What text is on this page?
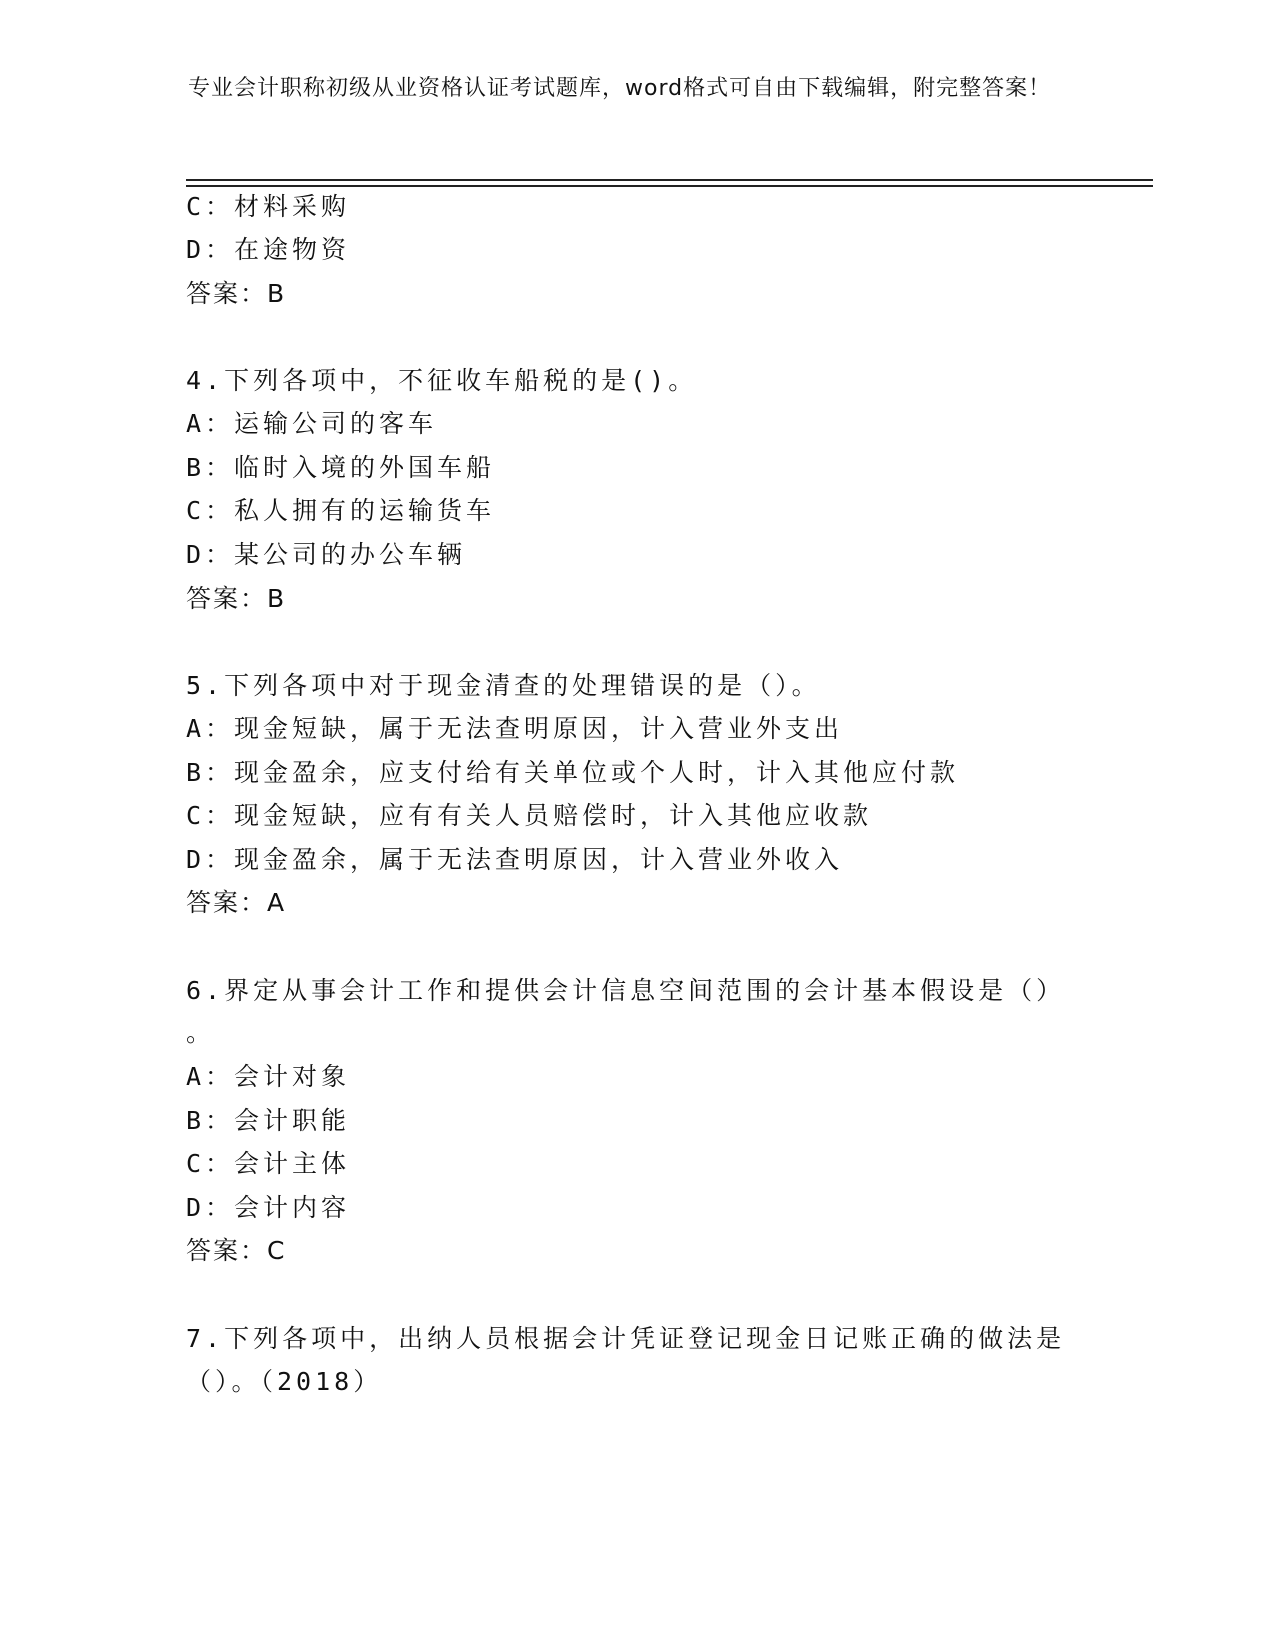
专业会计职称初级从业资格认证考试题库，word格式可自由下载编辑，附完整答案！
C：材料采购
D：在途物资
答案：B
4.下列各项中，不征收车船税的是()。
A：运输公司的客车
B：临时入境的外国车船
C：私人拥有的运输货车
D：某公司的办公车辆
答案：B
5.下列各项中对于现金清查的处理错误的是（）。
A：现金短缺，属于无法查明原因，计入营业外支出
B：现金盈余，应支付给有关单位或个人时，计入其他应付款
C：现金短缺，应有有关人员赔偿时，计入其他应收款
D：现金盈余，属于无法查明原因，计入营业外收入
答案：A
6.界定从事会计工作和提供会计信息空间范围的会计基本假设是（）
。
A：会计对象
B：会计职能
C：会计主体
D：会计内容
答案：C
7.下列各项中，出纳人员根据会计凭证登记现金日记账正确的做法是
（）。（2018）
